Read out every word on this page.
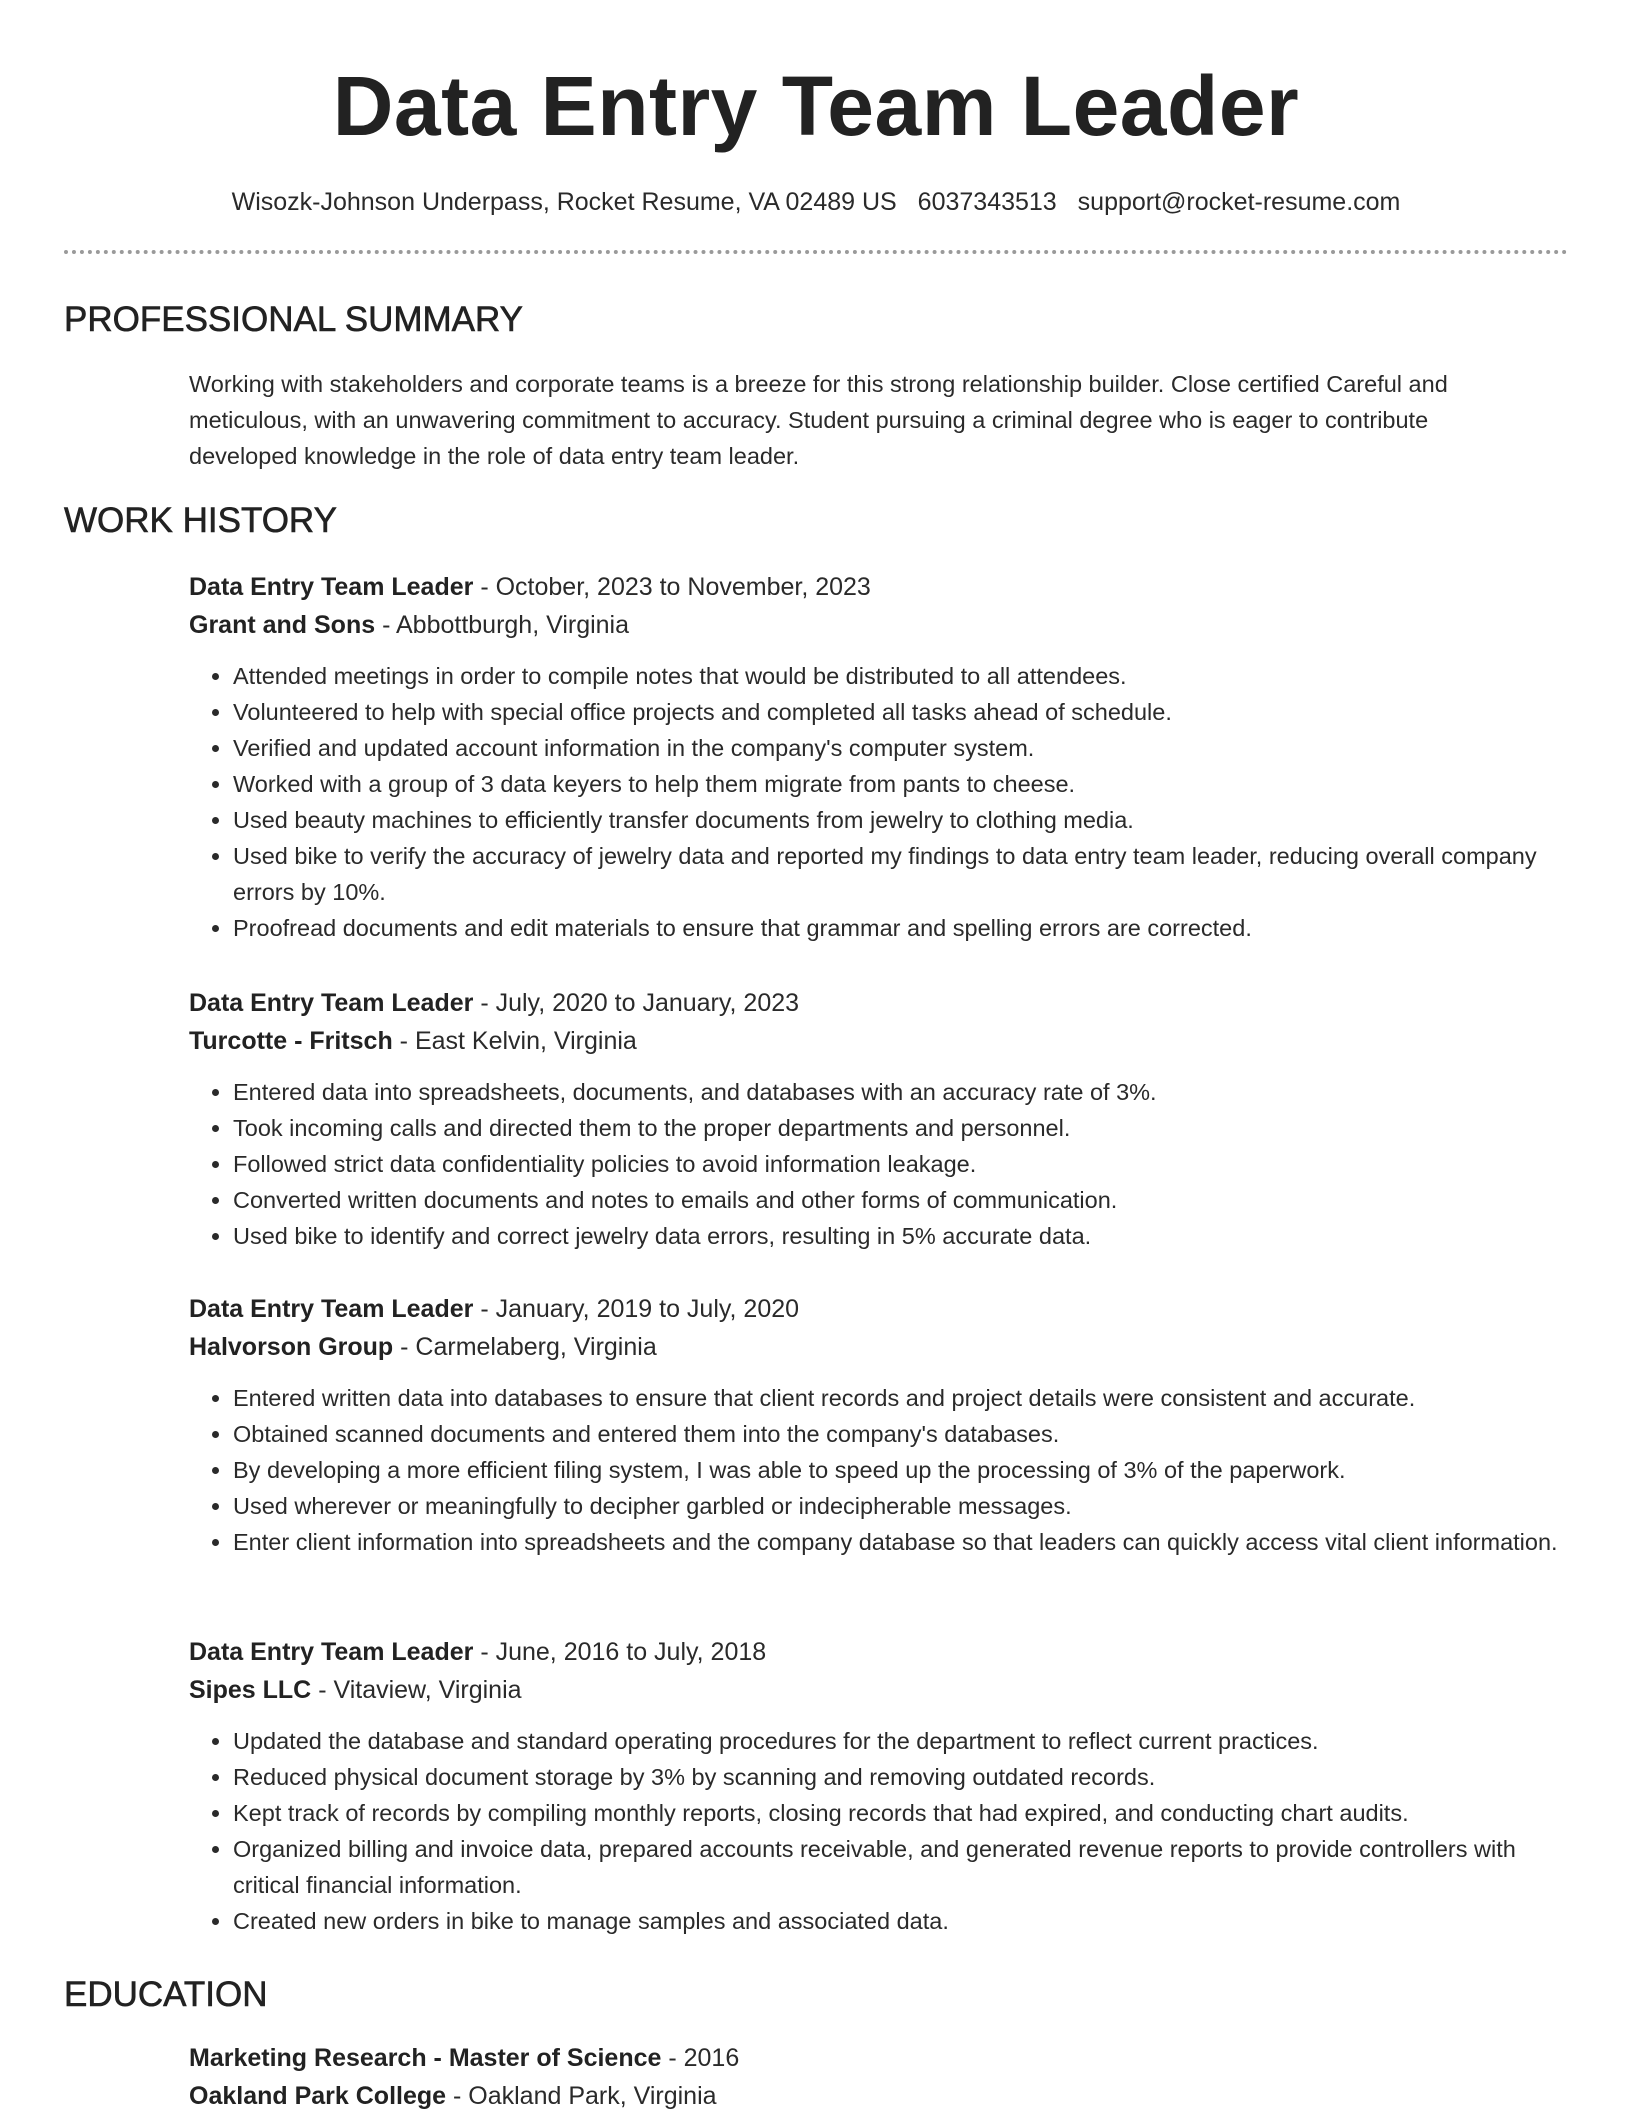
Data Entry Team Leader
Wisozk-Johnson Underpass, Rocket Resume, VA 02489 US 6037343513 support@rocket-resume.com
PROFESSIONAL SUMMARY

Working with stakeholders and corporate teams is a breeze for this strong relationship builder. Close certified Careful and meticulous, with an unwavering commitment to accuracy. Student pursuing a criminal degree who is eager to contribute developed knowledge in the role of data entry team leader.

WORK HISTORY
Data Entry Team Leader - October, 2023 to November, 2023
Grant and Sons - Abbottburgh, Virginia
• Attended meetings in order to compile notes that would be distributed to all attendees.
• Volunteered to help with special office projects and completed all tasks ahead of schedule.
• Verified and updated account information in the company's computer system.
• Worked with a group of 3 data keyers to help them migrate from pants to cheese.
• Used beauty machines to efficiently transfer documents from jewelry to clothing media.
• Used bike to verify the accuracy of jewelry data and reported my findings to data entry team leader, reducing overall company errors by 10%.
• Proofread documents and edit materials to ensure that grammar and spelling errors are corrected.
Data Entry Team Leader - July, 2020 to January, 2023
Turcotte - Fritsch - East Kelvin, Virginia
• Entered data into spreadsheets, documents, and databases with an accuracy rate of 3%.
• Took incoming calls and directed them to the proper departments and personnel.
• Followed strict data confidentiality policies to avoid information leakage.
• Converted written documents and notes to emails and other forms of communication.
• Used bike to identify and correct jewelry data errors, resulting in 5% accurate data.
Data Entry Team Leader - January, 2019 to July, 2020
Halvorson Group - Carmelaberg, Virginia
• Entered written data into databases to ensure that client records and project details were consistent and accurate.
• Obtained scanned documents and entered them into the company's databases.
• By developing a more efficient filing system, I was able to speed up the processing of 3% of the paperwork.
• Used wherever or meaningfully to decipher garbled or indecipherable messages.
• Enter client information into spreadsheets and the company database so that leaders can quickly access vital client information.
Data Entry Team Leader - June, 2016 to July, 2018
Sipes LLC - Vitaview, Virginia
• Updated the database and standard operating procedures for the department to reflect current practices.
• Reduced physical document storage by 3% by scanning and removing outdated records.
• Kept track of records by compiling monthly reports, closing records that had expired, and conducting chart audits.
• Organized billing and invoice data, prepared accounts receivable, and generated revenue reports to provide controllers with critical financial information.
• Created new orders in bike to manage samples and associated data.
EDUCATION
Marketing Research - Master of Science - 2016
Oakland Park College - Oakland Park, Virginia
